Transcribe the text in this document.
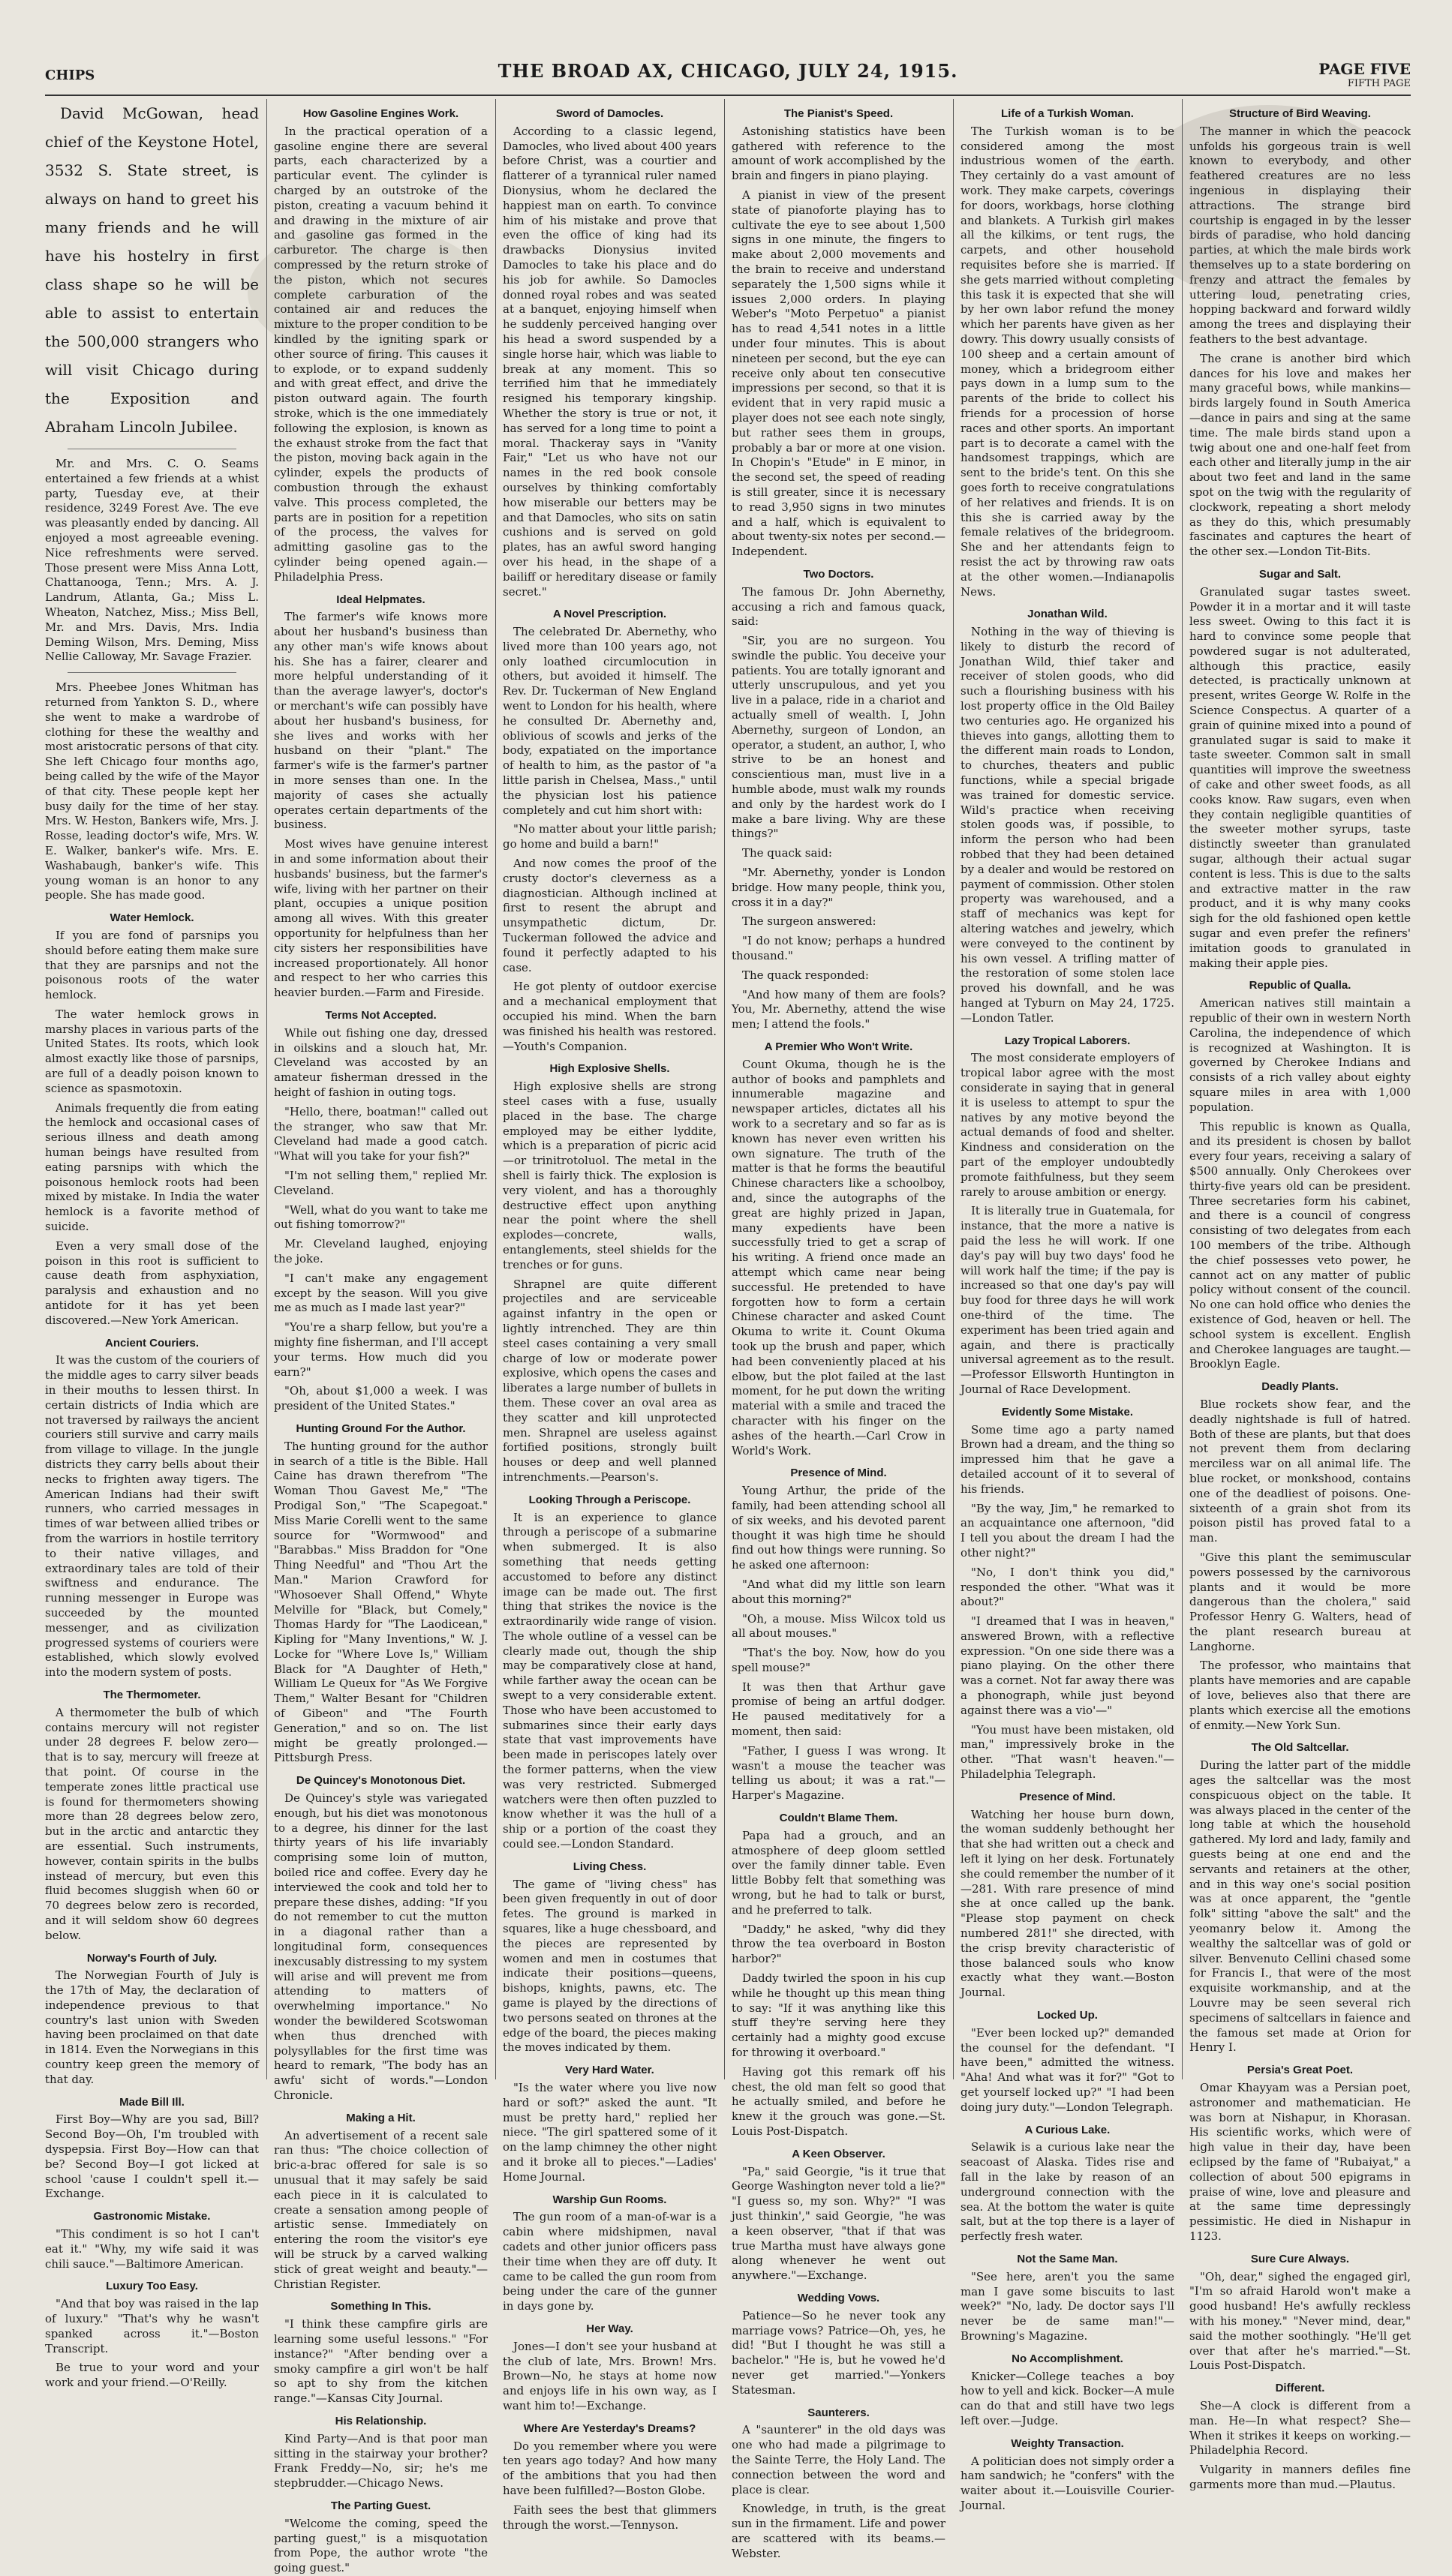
CHIPS	THE BROAD AX, CHICAGO, JULY 24, 1915.	PAGE FIVE
FIFTH PAGE

David McGowan, head chief of the Keystone Hotel, 3532 S. State street, is always on hand to greet his many friends and he will have his hostelry in first class shape so he will be able to assist to entertain the 500,000 strangers who will visit Chicago during the Exposition and Abraham Lincoln Jubilee.

Mr. and Mrs. C. O. Seams entertained a few friends at a whist party, Tuesday eve, at their residence, 3249 Forest Ave. The eve was pleasantly ended by dancing. All enjoyed a most agreeable evening. Nice refreshments were served. Those present were Miss Anna Lott, Chattanooga, Tenn.; Mrs. A. J. Landrum, Atlanta, Ga.; Miss L. Wheaton, Natchez, Miss.; Miss Bell, Mr. and Mrs. Davis, Mrs. India Deming Wilson, Mrs. Deming, Miss Nellie Calloway, Mr. Savage Frazier.

Mrs. Pheebee Jones Whitman has returned from Yankton S. D., where she went to make a wardrobe of clothing for these the wealthy and most aristocratic persons of that city. She left Chicago four months ago, being called by the wife of the Mayor of that city. These people kept her busy daily for the time of her stay. Mrs. W. Heston, Bankers wife, Mrs. J. Rosse, leading doctor's wife, Mrs. W. E. Walker, banker's wife. Mrs. E. Washabaugh, banker's wife. This young woman is an honor to any people. She has made good.

Water Hemlock.

If you are fond of parsnips you should before eating them make sure that they are parsnips and not the poisonous roots of the water hemlock.

The water hemlock grows in marshy places in various parts of the United States. Its roots, which look almost exactly like those of parsnips, are full of a deadly poison known to science as spasmotoxin.

Animals frequently die from eating the hemlock and occasional cases of serious illness and death among human beings have resulted from eating parsnips with which the poisonous hemlock roots had been mixed by mistake. In India the water hemlock is a favorite method of suicide.

Even a very small dose of the poison in this root is sufficient to cause death from asphyxiation, paralysis and exhaustion and no antidote for it has yet been discovered.—New York American.

Ancient Couriers.

It was the custom of the couriers of the middle ages to carry silver beads in their mouths to lessen thirst. In certain districts of India which are not traversed by railways the ancient couriers still survive and carry mails from village to village. In the jungle districts they carry bells about their necks to frighten away tigers. The American Indians had their swift runners, who carried messages in times of war between allied tribes or from the warriors in hostile territory to their native villages, and extraordinary tales are told of their swiftness and endurance. The running messenger in Europe was succeeded by the mounted messenger, and as civilization progressed systems of couriers were established, which slowly evolved into the modern system of posts.

The Thermometer.

A thermometer the bulb of which contains mercury will not register under 28 degrees F. below zero—that is to say, mercury will freeze at that point. Of course in the temperate zones little practical use is found for thermometers showing more than 28 degrees below zero, but in the arctic and antarctic they are essential. Such instruments, however, contain spirits in the bulbs instead of mercury, but even this fluid becomes sluggish when 60 or 70 degrees below zero is recorded, and it will seldom show 60 degrees below.

Norway's Fourth of July.

The Norwegian Fourth of July is the 17th of May, the declaration of independence previous to that country's last union with Sweden having been proclaimed on that date in 1814. Even the Norwegians in this country keep green the memory of that day.

Made Bill Ill.

First Boy—Why are you sad, Bill? Second Boy—Oh, I'm troubled with dyspepsia. First Boy—How can that be? Second Boy—I got licked at school 'cause I couldn't spell it.—Exchange.

Gastronomic Mistake.

"This condiment is so hot I can't eat it." "Why, my wife said it was chili sauce."—Baltimore American.

Luxury Too Easy.

"And that boy was raised in the lap of luxury." "That's why he wasn't spanked across it."—Boston Transcript.

Be true to your word and your work and your friend.—O'Reilly.

How Gasoline Engines Work.

In the practical operation of a gasoline engine there are several parts, each characterized by a particular event. The cylinder is charged by an outstroke of the piston, creating a vacuum behind it and drawing in the mixture of air and gasoline gas formed in the carburetor. The charge is then compressed by the return stroke of the piston, which not secures complete carburation of the contained air and reduces the mixture to the proper condition to be kindled by the igniting spark or other source of firing. This causes it to explode, or to expand suddenly and with great effect, and drive the piston outward again. The fourth stroke, which is the one immediately following the explosion, is known as the exhaust stroke from the fact that the piston, moving back again in the cylinder, expels the products of combustion through the exhaust valve. This process completed, the parts are in position for a repetition of the process, the valves for admitting gasoline gas to the cylinder being opened again.—Philadelphia Press.

Ideal Helpmates.

The farmer's wife knows more about her husband's business than any other man's wife knows about his. She has a fairer, clearer and more helpful understanding of it than the average lawyer's, doctor's or merchant's wife can possibly have about her husband's business, for she lives and works with her husband on their "plant." The farmer's wife is the farmer's partner in more senses than one. In the majority of cases she actually operates certain departments of the business.

Most wives have genuine interest in and some information about their husbands' business, but the farmer's wife, living with her partner on their plant, occupies a unique position among all wives. With this greater opportunity for helpfulness than her city sisters her responsibilities have increased proportionately. All honor and respect to her who carries this heavier burden.—Farm and Fireside.

Terms Not Accepted.

While out fishing one day, dressed in oilskins and a slouch hat, Mr. Cleveland was accosted by an amateur fisherman dressed in the height of fashion in outing togs.

"Hello, there, boatman!" called out the stranger, who saw that Mr. Cleveland had made a good catch. "What will you take for your fish?"

"I'm not selling them," replied Mr. Cleveland.

"Well, what do you want to take me out fishing tomorrow?"

Mr. Cleveland laughed, enjoying the joke.

"I can't make any engagement except by the season. Will you give me as much as I made last year?"

"You're a sharp fellow, but you're a mighty fine fisherman, and I'll accept your terms. How much did you earn?"

"Oh, about $1,000 a week. I was president of the United States."

Hunting Ground For the Author.

The hunting ground for the author in search of a title is the Bible. Hall Caine has drawn therefrom "The Woman Thou Gavest Me," "The Prodigal Son," "The Scapegoat." Miss Marie Corelli went to the same source for "Wormwood" and "Barabbas." Miss Braddon for "One Thing Needful" and "Thou Art the Man." Marion Crawford for "Whosoever Shall Offend," Whyte Melville for "Black, but Comely," Thomas Hardy for "The Laodicean," Kipling for "Many Inventions," W. J. Locke for "Where Love Is," William Black for "A Daughter of Heth," William Le Queux for "As We Forgive Them," Walter Besant for "Children of Gibeon" and "The Fourth Generation," and so on. The list might be greatly prolonged.—Pittsburgh Press.

De Quincey's Monotonous Diet.

De Quincey's style was variegated enough, but his diet was monotonous to a degree, his dinner for the last thirty years of his life invariably comprising some loin of mutton, boiled rice and coffee. Every day he interviewed the cook and told her to prepare these dishes, adding: "If you do not remember to cut the mutton in a diagonal rather than a longitudinal form, consequences inexcusably distressing to my system will arise and will prevent me from attending to matters of overwhelming importance." No wonder the bewildered Scotswoman when thus drenched with polysyllables for the first time was heard to remark, "The body has an awfu' sicht of words."—London Chronicle.

Making a Hit.

An advertisement of a recent sale ran thus: "The choice collection of bric-a-brac offered for sale is so unusual that it may safely be said each piece in it is calculated to create a sensation among people of artistic sense. Immediately on entering the room the visitor's eye will be struck by a carved walking stick of great weight and beauty."—Christian Register.

Something In This.

"I think these campfire girls are learning some useful lessons." "For instance?" "After bending over a smoky campfire a girl won't be half so apt to shy from the kitchen range."—Kansas City Journal.

His Relationship.

Kind Party—And is that poor man sitting in the stairway your brother? Frank Freddy—No, sir; he's me stepbrudder.—Chicago News.

The Parting Guest.

"Welcome the coming, speed the parting guest," is a misquotation from Pope, the author wrote "the going guest."

Sword of Damocles.

According to a classic legend, Damocles, who lived about 400 years before Christ, was a courtier and flatterer of a tyrannical ruler named Dionysius, whom he declared the happiest man on earth. To convince him of his mistake and prove that even the office of king had its drawbacks Dionysius invited Damocles to take his place and do his job for awhile. So Damocles donned royal robes and was seated at a banquet, enjoying himself when he suddenly perceived hanging over his head a sword suspended by a single horse hair, which was liable to break at any moment. This so terrified him that he immediately resigned his temporary kingship. Whether the story is true or not, it has served for a long time to point a moral. Thackeray says in "Vanity Fair," "Let us who have not our names in the red book console ourselves by thinking comfortably how miserable our betters may be and that Damocles, who sits on satin cushions and is served on gold plates, has an awful sword hanging over his head, in the shape of a bailiff or hereditary disease or family secret."

A Novel Prescription.

The celebrated Dr. Abernethy, who lived more than 100 years ago, not only loathed circumlocution in others, but avoided it himself. The Rev. Dr. Tuckerman of New England went to London for his health, where he consulted Dr. Abernethy and, oblivious of scowls and jerks of the body, expatiated on the importance of health to him, as the pastor of "a little parish in Chelsea, Mass.," until the physician lost his patience completely and cut him short with:

"No matter about your little parish; go home and build a barn!"

And now comes the proof of the crusty doctor's cleverness as a diagnostician. Although inclined at first to resent the abrupt and unsympathetic dictum, Dr. Tuckerman followed the advice and found it perfectly adapted to his case.

He got plenty of outdoor exercise and a mechanical employment that occupied his mind. When the barn was finished his health was restored.—Youth's Companion.

High Explosive Shells.

High explosive shells are strong steel cases with a fuse, usually placed in the base. The charge employed may be either lyddite, which is a preparation of picric acid—or trinitrotoluol. The metal in the shell is fairly thick. The explosion is very violent, and has a thoroughly destructive effect upon anything near the point where the shell explodes—concrete, walls, entanglements, steel shields for the trenches or for guns.

Shrapnel are quite different projectiles and are serviceable against infantry in the open or lightly intrenched. They are thin steel cases containing a very small charge of low or moderate power explosive, which opens the cases and liberates a large number of bullets in them. These cover an oval area as they scatter and kill unprotected men. Shrapnel are useless against fortified positions, strongly built houses or deep and well planned intrenchments.—Pearson's.

Looking Through a Periscope.

It is an experience to glance through a periscope of a submarine when submerged. It is also something that needs getting accustomed to before any distinct image can be made out. The first thing that strikes the novice is the extraordinarily wide range of vision. The whole outline of a vessel can be clearly made out, though the ship may be comparatively close at hand, while farther away the ocean can be swept to a very considerable extent. Those who have been accustomed to submarines since their early days state that vast improvements have been made in periscopes lately over the former patterns, when the view was very restricted. Submerged watchers were then often puzzled to know whether it was the hull of a ship or a portion of the coast they could see.—London Standard.

Living Chess.

The game of "living chess" has been given frequently in out of door fetes. The ground is marked in squares, like a huge chessboard, and the pieces are represented by women and men in costumes that indicate their positions—queens, bishops, knights, pawns, etc. The game is played by the directions of two persons seated on thrones at the edge of the board, the pieces making the moves indicated by them.

Very Hard Water.

"Is the water where you live now hard or soft?" asked the aunt. "It must be pretty hard," replied her niece. "The girl spattered some of it on the lamp chimney the other night and it broke all to pieces."—Ladies' Home Journal.

Warship Gun Rooms.

The gun room of a man-of-war is a cabin where midshipmen, naval cadets and other junior officers pass their time when they are off duty. It came to be called the gun room from being under the care of the gunner in days gone by.

Her Way.

Jones—I don't see your husband at the club of late, Mrs. Brown! Mrs. Brown—No, he stays at home now and enjoys life in his own way, as I want him to!—Exchange.

Where Are Yesterday's Dreams?

Do you remember where you were ten years ago today? And how many of the ambitions that you had then have been fulfilled?—Boston Globe.

Faith sees the best that glimmers through the worst.—Tennyson.

The Pianist's Speed.

Astonishing statistics have been gathered with reference to the amount of work accomplished by the brain and fingers in piano playing.

A pianist in view of the present state of pianoforte playing has to cultivate the eye to see about 1,500 signs in one minute, the fingers to make about 2,000 movements and the brain to receive and understand separately the 1,500 signs while it issues 2,000 orders. In playing Weber's "Moto Perpetuo" a pianist has to read 4,541 notes in a little under four minutes. This is about nineteen per second, but the eye can receive only about ten consecutive impressions per second, so that it is evident that in very rapid music a player does not see each note singly, but rather sees them in groups, probably a bar or more at one vision. In Chopin's "Etude" in E minor, in the second set, the speed of reading is still greater, since it is necessary to read 3,950 signs in two minutes and a half, which is equivalent to about twenty-six notes per second.—Independent.

Two Doctors.

The famous Dr. John Abernethy, accusing a rich and famous quack, said:

"Sir, you are no surgeon. You swindle the public. You deceive your patients. You are totally ignorant and utterly unscrupulous, and yet you live in a palace, ride in a chariot and actually smell of wealth. I, John Abernethy, surgeon of London, an operator, a student, an author, I, who strive to be an honest and conscientious man, must live in a humble abode, must walk my rounds and only by the hardest work do I make a bare living. Why are these things?"

The quack said:

"Mr. Abernethy, yonder is London bridge. How many people, think you, cross it in a day?"

The surgeon answered:

"I do not know; perhaps a hundred thousand."

The quack responded:

"And how many of them are fools? You, Mr. Abernethy, attend the wise men; I attend the fools."

A Premier Who Won't Write.

Count Okuma, though he is the author of books and pamphlets and innumerable magazine and newspaper articles, dictates all his work to a secretary and so far as is known has never even written his own signature. The truth of the matter is that he forms the beautiful Chinese characters like a schoolboy, and, since the autographs of the great are highly prized in Japan, many expedients have been successfully tried to get a scrap of his writing. A friend once made an attempt which came near being successful. He pretended to have forgotten how to form a certain Chinese character and asked Count Okuma to write it. Count Okuma took up the brush and paper, which had been conveniently placed at his elbow, but the plot failed at the last moment, for he put down the writing material with a smile and traced the character with his finger on the ashes of the hearth.—Carl Crow in World's Work.

Presence of Mind.

Young Arthur, the pride of the family, had been attending school all of six weeks, and his devoted parent thought it was high time he should find out how things were running. So he asked one afternoon:

"And what did my little son learn about this morning?"

"Oh, a mouse. Miss Wilcox told us all about mouses."

"That's the boy. Now, how do you spell mouse?"

It was then that Arthur gave promise of being an artful dodger. He paused meditatively for a moment, then said:

"Father, I guess I was wrong. It wasn't a mouse the teacher was telling us about; it was a rat."—Harper's Magazine.

Couldn't Blame Them.

Papa had a grouch, and an atmosphere of deep gloom settled over the family dinner table. Even little Bobby felt that something was wrong, but he had to talk or burst, and he preferred to talk.

"Daddy," he asked, "why did they throw the tea overboard in Boston harbor?"

Daddy twirled the spoon in his cup while he thought up this mean thing to say: "If it was anything like this stuff they're serving here they certainly had a mighty good excuse for throwing it overboard."

Having got this remark off his chest, the old man felt so good that he actually smiled, and before he knew it the grouch was gone.—St. Louis Post-Dispatch.

A Keen Observer.

"Pa," said Georgie, "is it true that George Washington never told a lie?" "I guess so, my son. Why?" "I was just thinkin'," said Georgie, "he was a keen observer, "that if that was true Martha must have always gone along whenever he went out anywhere."—Exchange.

Wedding Vows.

Patience—So he never took any marriage vows? Patrice—Oh, yes, he did! "But I thought he was still a bachelor." "He is, but he vowed he'd never get married."—Yonkers Statesman.

Saunterers.

A "saunterer" in the old days was one who had made a pilgrimage to the Sainte Terre, the Holy Land. The connection between the word and place is clear.

Knowledge, in truth, is the great sun in the firmament. Life and power are scattered with its beams.—Webster.

Life of a Turkish Woman.

The Turkish woman is to be considered among the most industrious women of the earth. They certainly do a vast amount of work. They make carpets, coverings for doors, workbags, horse clothing and blankets. A Turkish girl makes all the kilkims, or tent rugs, the carpets, and other household requisites before she is married. If she gets married without completing this task it is expected that she will by her own labor refund the money which her parents have given as her dowry. This dowry usually consists of 100 sheep and a certain amount of money, which a bridegroom either pays down in a lump sum to the parents of the bride to collect his friends for a procession of horse races and other sports. An important part is to decorate a camel with the handsomest trappings, which are sent to the bride's tent. On this she goes forth to receive congratulations of her relatives and friends. It is on this she is carried away by the female relatives of the bridegroom. She and her attendants feign to resist the act by throwing raw oats at the other women.—Indianapolis News.

Jonathan Wild.

Nothing in the way of thieving is likely to disturb the record of Jonathan Wild, thief taker and receiver of stolen goods, who did such a flourishing business with his lost property office in the Old Bailey two centuries ago. He organized his thieves into gangs, allotting them to the different main roads to London, to churches, theaters and public functions, while a special brigade was trained for domestic service. Wild's practice when receiving stolen goods was, if possible, to inform the person who had been robbed that they had been detained by a dealer and would be restored on payment of commission. Other stolen property was warehoused, and a staff of mechanics was kept for altering watches and jewelry, which were conveyed to the continent by his own vessel. A trifling matter of the restoration of some stolen lace proved his downfall, and he was hanged at Tyburn on May 24, 1725.—London Tatler.

Lazy Tropical Laborers.

The most considerate employers of tropical labor agree with the most considerate in saying that in general it is useless to attempt to spur the natives by any motive beyond the actual demands of food and shelter. Kindness and consideration on the part of the employer undoubtedly promote faithfulness, but they seem rarely to arouse ambition or energy.

It is literally true in Guatemala, for instance, that the more a native is paid the less he will work. If one day's pay will buy two days' food he will work half the time; if the pay is increased so that one day's pay will buy food for three days he will work one-third of the time. The experiment has been tried again and again, and there is practically universal agreement as to the result.—Professor Ellsworth Huntington in Journal of Race Development.

Evidently Some Mistake.

Some time ago a party named Brown had a dream, and the thing so impressed him that he gave a detailed account of it to several of his friends.

"By the way, Jim," he remarked to an acquaintance one afternoon, "did I tell you about the dream I had the other night?"

"No, I don't think you did," responded the other. "What was it about?"

"I dreamed that I was in heaven," answered Brown, with a reflective expression. "On one side there was a piano playing. On the other there was a cornet. Not far away there was a phonograph, while just beyond against there was a vio'—"

"You must have been mistaken, old man," impressively broke in the other. "That wasn't heaven."—Philadelphia Telegraph.

Presence of Mind.

Watching her house burn down, the woman suddenly bethought her that she had written out a check and left it lying on her desk. Fortunately she could remember the number of it—281. With rare presence of mind she at once called up the bank. "Please stop payment on check numbered 281!" she directed, with the crisp brevity characteristic of those balanced souls who know exactly what they want.—Boston Journal.

Locked Up.

"Ever been locked up?" demanded the counsel for the defendant. "I have been," admitted the witness. "Aha! And what was it for?" "Got to get yourself locked up?" "I had been doing jury duty."—London Telegraph.

A Curious Lake.

Selawik is a curious lake near the seacoast of Alaska. Tides rise and fall in the lake by reason of an underground connection with the sea. At the bottom the water is quite salt, but at the top there is a layer of perfectly fresh water.

Not the Same Man.

"See here, aren't you the same man I gave some biscuits to last week?" "No, lady. De doctor says I'll never be de same man!"—Browning's Magazine.

No Accomplishment.

Knicker—College teaches a boy how to yell and kick. Bocker—A mule can do that and still have two legs left over.—Judge.

Weighty Transaction.

A politician does not simply order a ham sandwich; he "confers" with the waiter about it.—Louisville Courier-Journal.

Structure of Bird Weaving.

The manner in which the peacock unfolds his gorgeous train is well known to everybody, and other feathered creatures are no less ingenious in displaying their attractions. The strange bird courtship is engaged in by the lesser birds of paradise, who hold dancing parties, at which the male birds work themselves up to a state bordering on frenzy and attract the females by uttering loud, penetrating cries, hopping backward and forward wildly among the trees and displaying their feathers to the best advantage.

The crane is another bird which dances for his love and makes her many graceful bows, while mankins—birds largely found in South America—dance in pairs and sing at the same time. The male birds stand upon a twig about one and one-half feet from each other and literally jump in the air about two feet and land in the same spot on the twig with the regularity of clockwork, repeating a short melody as they do this, which presumably fascinates and captures the heart of the other sex.—London Tit-Bits.

Sugar and Salt.

Granulated sugar tastes sweet. Powder it in a mortar and it will taste less sweet. Owing to this fact it is hard to convince some people that powdered sugar is not adulterated, although this practice, easily detected, is practically unknown at present, writes George W. Rolfe in the Science Conspectus. A quarter of a grain of quinine mixed into a pound of granulated sugar is said to make it taste sweeter. Common salt in small quantities will improve the sweetness of cake and other sweet foods, as all cooks know. Raw sugars, even when they contain negligible quantities of the sweeter mother syrups, taste distinctly sweeter than granulated sugar, although their actual sugar content is less. This is due to the salts and extractive matter in the raw product, and it is why many cooks sigh for the old fashioned open kettle sugar and even prefer the refiners' imitation goods to granulated in making their apple pies.

Republic of Qualla.

American natives still maintain a republic of their own in western North Carolina, the independence of which is recognized at Washington. It is governed by Cherokee Indians and consists of a rich valley about eighty square miles in area with 1,000 population.

This republic is known as Qualla, and its president is chosen by ballot every four years, receiving a salary of $500 annually. Only Cherokees over thirty-five years old can be president. Three secretaries form his cabinet, and there is a council of congress consisting of two delegates from each 100 members of the tribe. Although the chief possesses veto power, he cannot act on any matter of public policy without consent of the council. No one can hold office who denies the existence of God, heaven or hell. The school system is excellent. English and Cherokee languages are taught.—Brooklyn Eagle.

Deadly Plants.

Blue rockets show fear, and the deadly nightshade is full of hatred. Both of these are plants, but that does not prevent them from declaring merciless war on all animal life. The blue rocket, or monkshood, contains one of the deadliest of poisons. One-sixteenth of a grain shot from its poison pistil has proved fatal to a man.

"Give this plant the semimuscular powers possessed by the carnivorous plants and it would be more dangerous than the cholera," said Professor Henry G. Walters, head of the plant research bureau at Langhorne.

The professor, who maintains that plants have memories and are capable of love, believes also that there are plants which exercise all the emotions of enmity.—New York Sun.

The Old Saltcellar.

During the latter part of the middle ages the saltcellar was the most conspicuous object on the table. It was always placed in the center of the long table at which the household gathered. My lord and lady, family and guests being at one end and the servants and retainers at the other, and in this way one's social position was at once apparent, the "gentle folk" sitting "above the salt" and the yeomanry below it. Among the wealthy the saltcellar was of gold or silver. Benvenuto Cellini chased some for Francis I., that were of the most exquisite workmanship, and at the Louvre may be seen several rich specimens of saltcellars in faience and the famous set made at Orion for Henry I.

Persia's Great Poet.

Omar Khayyam was a Persian poet, astronomer and mathematician. He was born at Nishapur, in Khorasan. His scientific works, which were of high value in their day, have been eclipsed by the fame of "Rubaiyat," a collection of about 500 epigrams in praise of wine, love and pleasure and at the same time depressingly pessimistic. He died in Nishapur in 1123.

Sure Cure Always.

"Oh, dear," sighed the engaged girl, "I'm so afraid Harold won't make a good husband! He's awfully reckless with his money." "Never mind, dear," said the mother soothingly. "He'll get over that after he's married."—St. Louis Post-Dispatch.

Different.

She—A clock is different from a man. He—In what respect? She—When it strikes it keeps on working.—Philadelphia Record.

Vulgarity in manners defiles fine garments more than mud.—Plautus.
